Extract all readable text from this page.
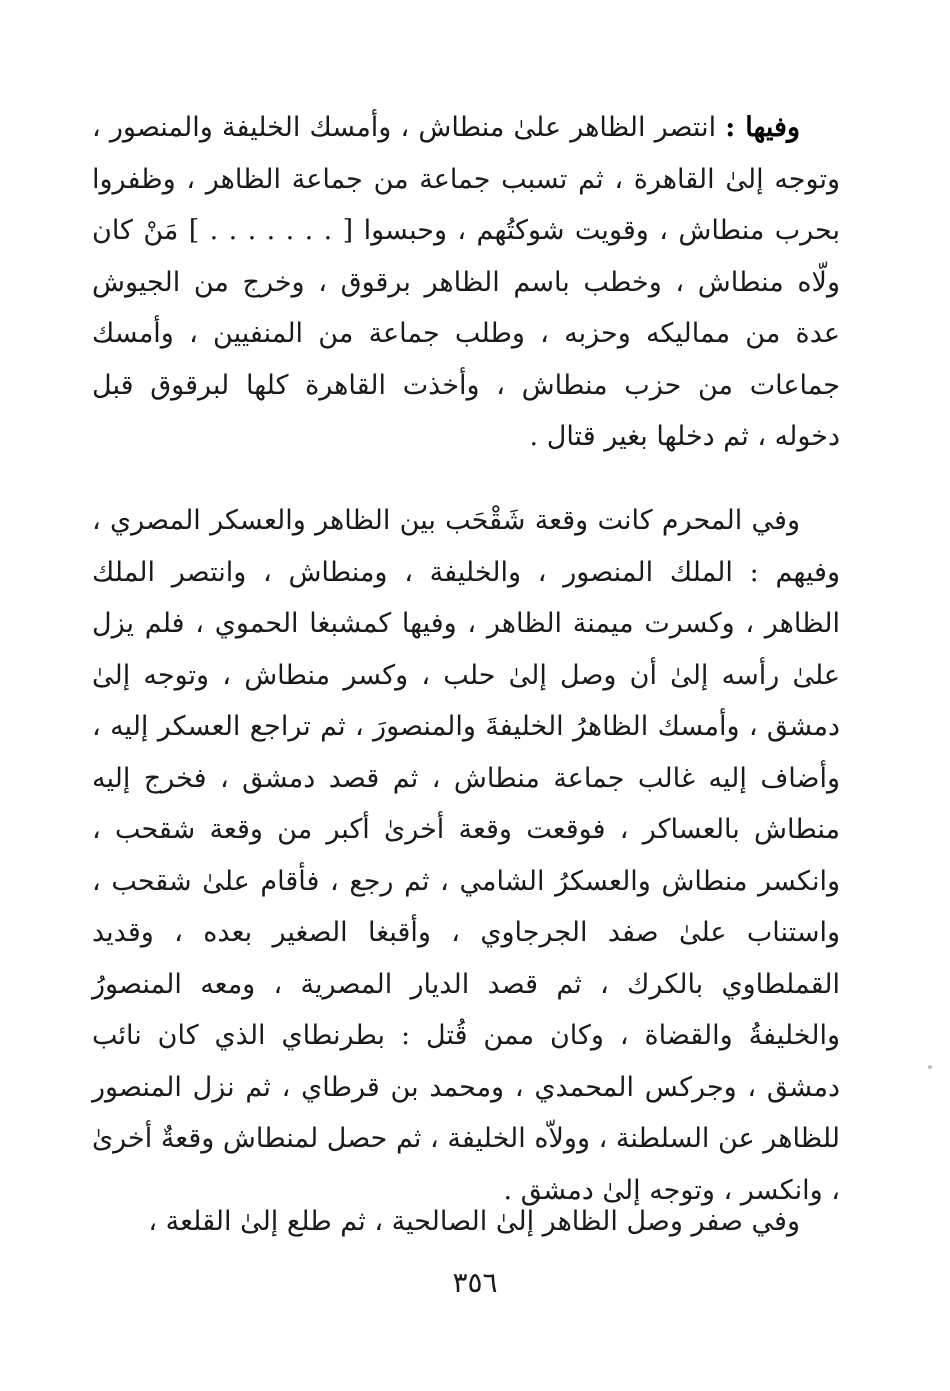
وفيها : انتصر الظاهر علىٰ منطاش ، وأمسك الخليفة والمنصور ، وتوجه إلىٰ القاهرة ، ثم تسبب جماعة من جماعة الظاهر ، وظفروا بحرب منطاش ، وقويت شوكتُهم ، وحبسوا [ . . . . . . . ] مَنْ كان ولّاه منطاش ، وخطب باسم الظاهر برقوق ، وخرج من الجيوش عدة من مماليكه وحزبه ، وطلب جماعة من المنفيين ، وأمسك جماعات من حزب منطاش ، وأخذت القاهرة كلها لبرقوق قبل دخوله ، ثم دخلها بغير قتال .

وفي المحرم كانت وقعة شَقْحَب بين الظاهر والعسكر المصري ، وفيهم : الملك المنصور ، والخليفة ، ومنطاش ، وانتصر الملك الظاهر ، وكسرت ميمنة الظاهر ، وفيها كمشبغا الحموي ، فلم يزل علىٰ رأسه إلىٰ أن وصل إلىٰ حلب ، وكسر منطاش ، وتوجه إلىٰ دمشق ، وأمسك الظاهرُ الخليفةَ والمنصورَ ، ثم تراجع العسكر إليه ، وأضاف إليه غالب جماعة منطاش ، ثم قصد دمشق ، فخرج إليه منطاش بالعساكر ، فوقعت وقعة أخرىٰ أكبر من وقعة شقحب ، وانكسر منطاش والعسكرُ الشامي ، ثم رجع ، فأقام علىٰ شقحب ، واستناب علىٰ صفد الجرجاوي ، وأقبغا الصغير بعده ، وقديد القملطاوي بالكرك ، ثم قصد الديار المصرية ، ومعه المنصورُ والخليفةُ والقضاة ، وكان ممن قُتل : بطرنطاي الذي كان نائب دمشق ، وجركس المحمدي ، ومحمد بن قرطاي ، ثم نزل المنصور للظاهر عن السلطنة ، وولاّه الخليفة ، ثم حصل لمنطاش وقعةٌ أخرىٰ ، وانكسر ، وتوجه إلىٰ دمشق .

وفي صفر وصل الظاهر إلىٰ الصالحية ، ثم طلع إلىٰ القلعة ،

٣٥٦
